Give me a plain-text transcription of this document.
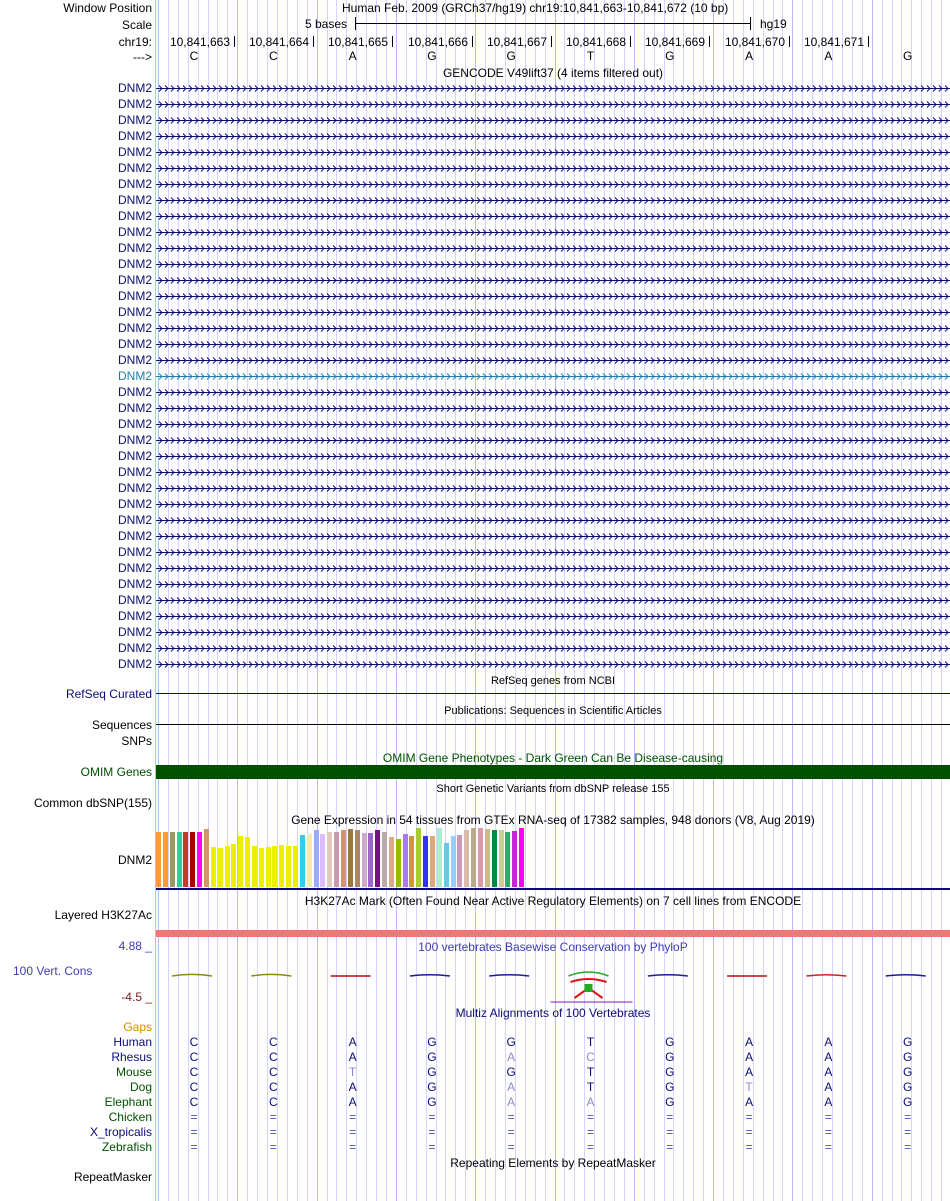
Window Position
Scale
chr19:
--->
DNM2
DNM2
DNM2
DNM2
DNM2
DNM2
DNM2
DNM2
DNM2
DNM2
DNM2
DNM2
DNM2
DNM2
DNM2
DNM2
DNM2
DNM2
DNM2
DNM2
DNM2
DNM2
DNM2
DNM2
DNM2
DNM2
DNM2
DNM2
DNM2
DNM2
DNM2
DNM2
DNM2
DNM2
DNM2
DNM2
DNM2
RefSeq Curated
Sequences
SNPs
OMIM Genes
Common dbSNP(155)
DNM2
Layered H3K27Ac
4.88 _
100 Vert. Cons
-4.5 _
Gaps
Human
Rhesus
Mouse
Dog
Elephant
Chicken
X_tropicalis
Zebrafish
RepeatMasker
Human Feb. 2009 (GRCh37/hg19) chr19:10,841,663-10,841,672 (10 bp)
5 bases	hg19
10,841,663	10,841,664	10,841,665	10,841,666	10,841,667	10,841,668	10,841,669	10,841,670	10,841,671
C	C	A	G	G	T	G	A	A	G
GENCODE V49lift37 (4 items filtered out)
RefSeq genes from NCBI
Publications: Sequences in Scientific Articles
OMIM Gene Phenotypes - Dark Green Can Be Disease-causing
Short Genetic Variants from dbSNP release 155
Gene Expression in 54 tissues from GTEx RNA-seq of 17382 samples, 948 donors (V8, Aug 2019)
H3K27Ac Mark (Often Found Near Active Regulatory Elements) on 7 cell lines from ENCODE
100 vertebrates Basewise Conservation by PhyloP
Multiz Alignments of 100 Vertebrates
C	C	A	G	G	T	G	A	A	G
C	C	A	G	A	C	G	A	A	G
C	C	T	G	G	T	G	A	A	G
C	C	A	G	A	T	G	T	A	G
C	C	A	G	A	A	G	A	A	G
=	=	=	=	=	=	=	=	=	=
=	=	=	=	=	=	=	=	=	=
=	=	=	=	=	=	=	=	=	=
Repeating Elements by RepeatMasker
